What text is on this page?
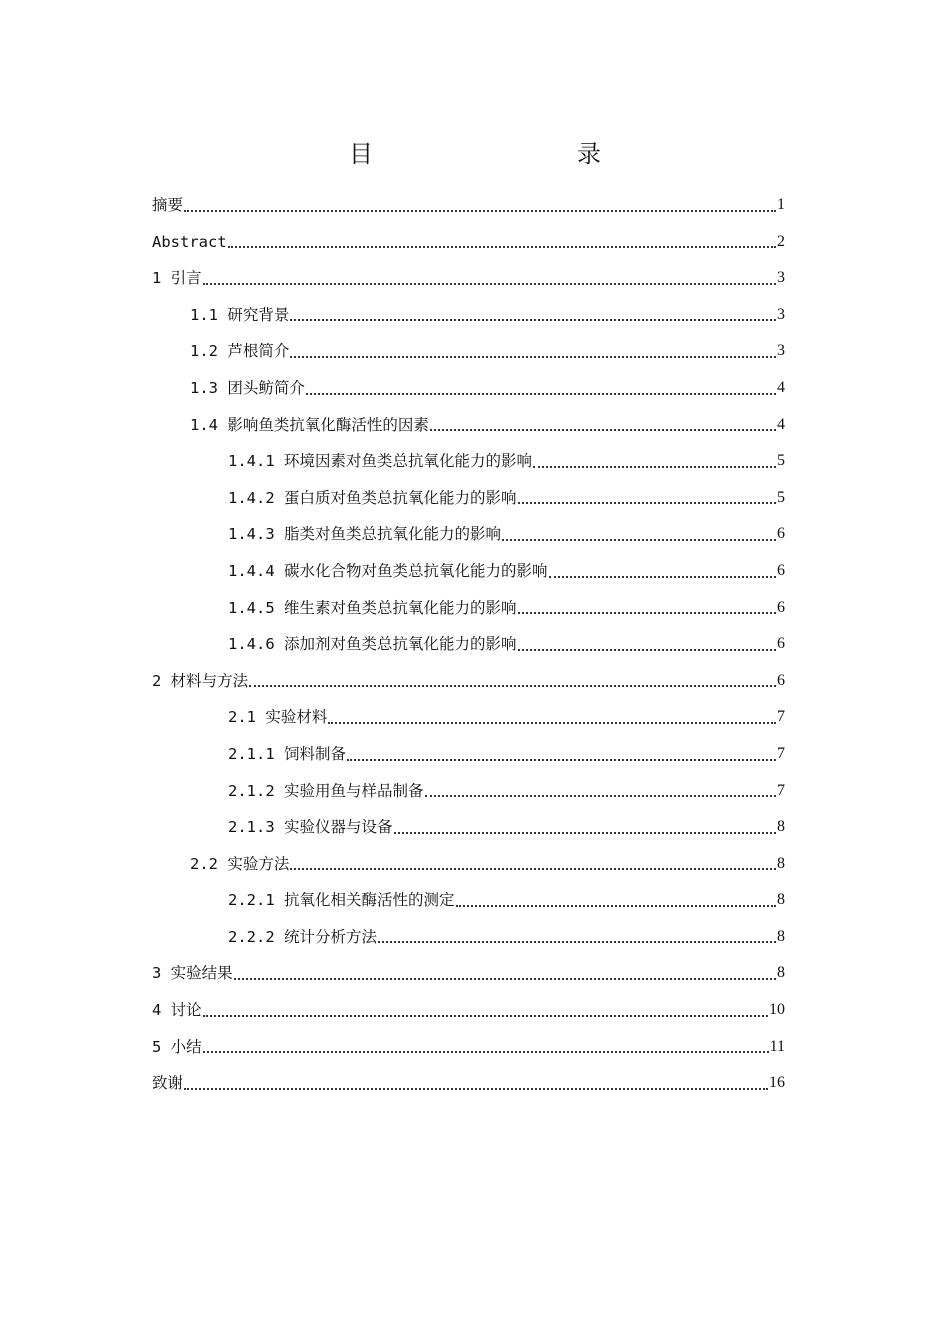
目　　录
摘要	1
Abstract	2
1 引言	3
1.1 研究背景	3
1.2 芦根简介	3
1.3 团头鲂简介	4
1.4 影响鱼类抗氧化酶活性的因素	4
1.4.1 环境因素对鱼类总抗氧化能力的影响	5
1.4.2 蛋白质对鱼类总抗氧化能力的影响	5
1.4.3 脂类对鱼类总抗氧化能力的影响	6
1.4.4 碳水化合物对鱼类总抗氧化能力的影响	6
1.4.5 维生素对鱼类总抗氧化能力的影响	6
1.4.6 添加剂对鱼类总抗氧化能力的影响	6
2 材料与方法	6
2.1 实验材料	7
2.1.1 饲料制备	7
2.1.2 实验用鱼与样品制备	7
2.1.3 实验仪器与设备	8
2.2 实验方法	8
2.2.1 抗氧化相关酶活性的测定	8
2.2.2 统计分析方法	8
3 实验结果	8
4 讨论	10
5 小结	11
致谢	16
